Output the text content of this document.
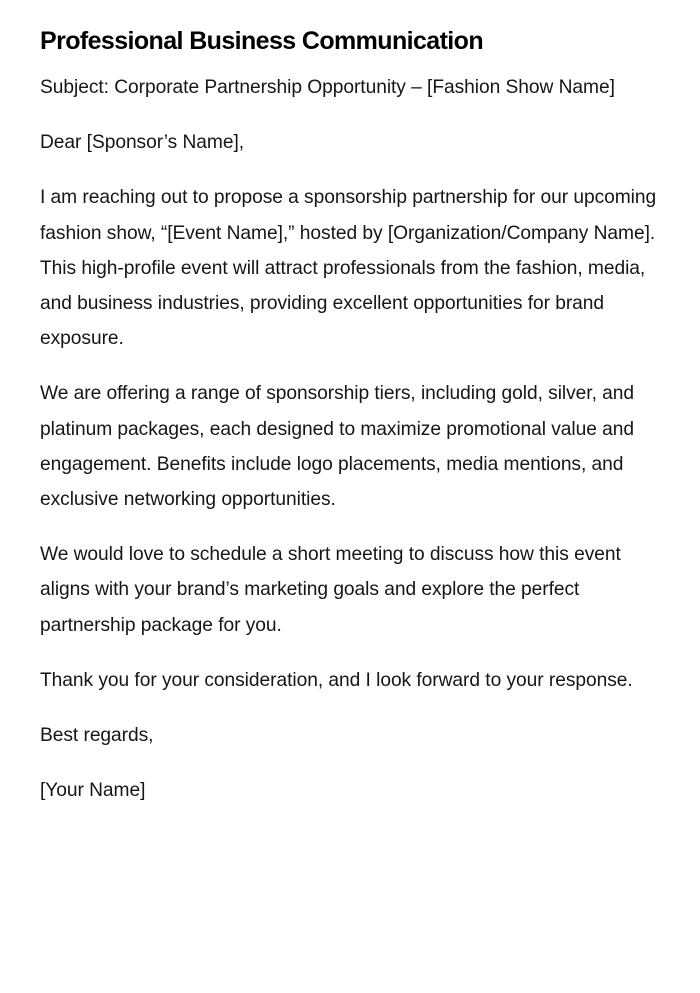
Professional Business Communication

Subject: Corporate Partnership Opportunity – [Fashion Show Name]

Dear [Sponsor’s Name],

I am reaching out to propose a sponsorship partnership for our upcoming fashion show, “[Event Name],” hosted by [Organization/Company Name]. This high-profile event will attract professionals from the fashion, media, and business industries, providing excellent opportunities for brand exposure.

We are offering a range of sponsorship tiers, including gold, silver, and platinum packages, each designed to maximize promotional value and engagement. Benefits include logo placements, media mentions, and exclusive networking opportunities.

We would love to schedule a short meeting to discuss how this event aligns with your brand’s marketing goals and explore the perfect partnership package for you.

Thank you for your consideration, and I look forward to your response.

Best regards,

[Your Name]
